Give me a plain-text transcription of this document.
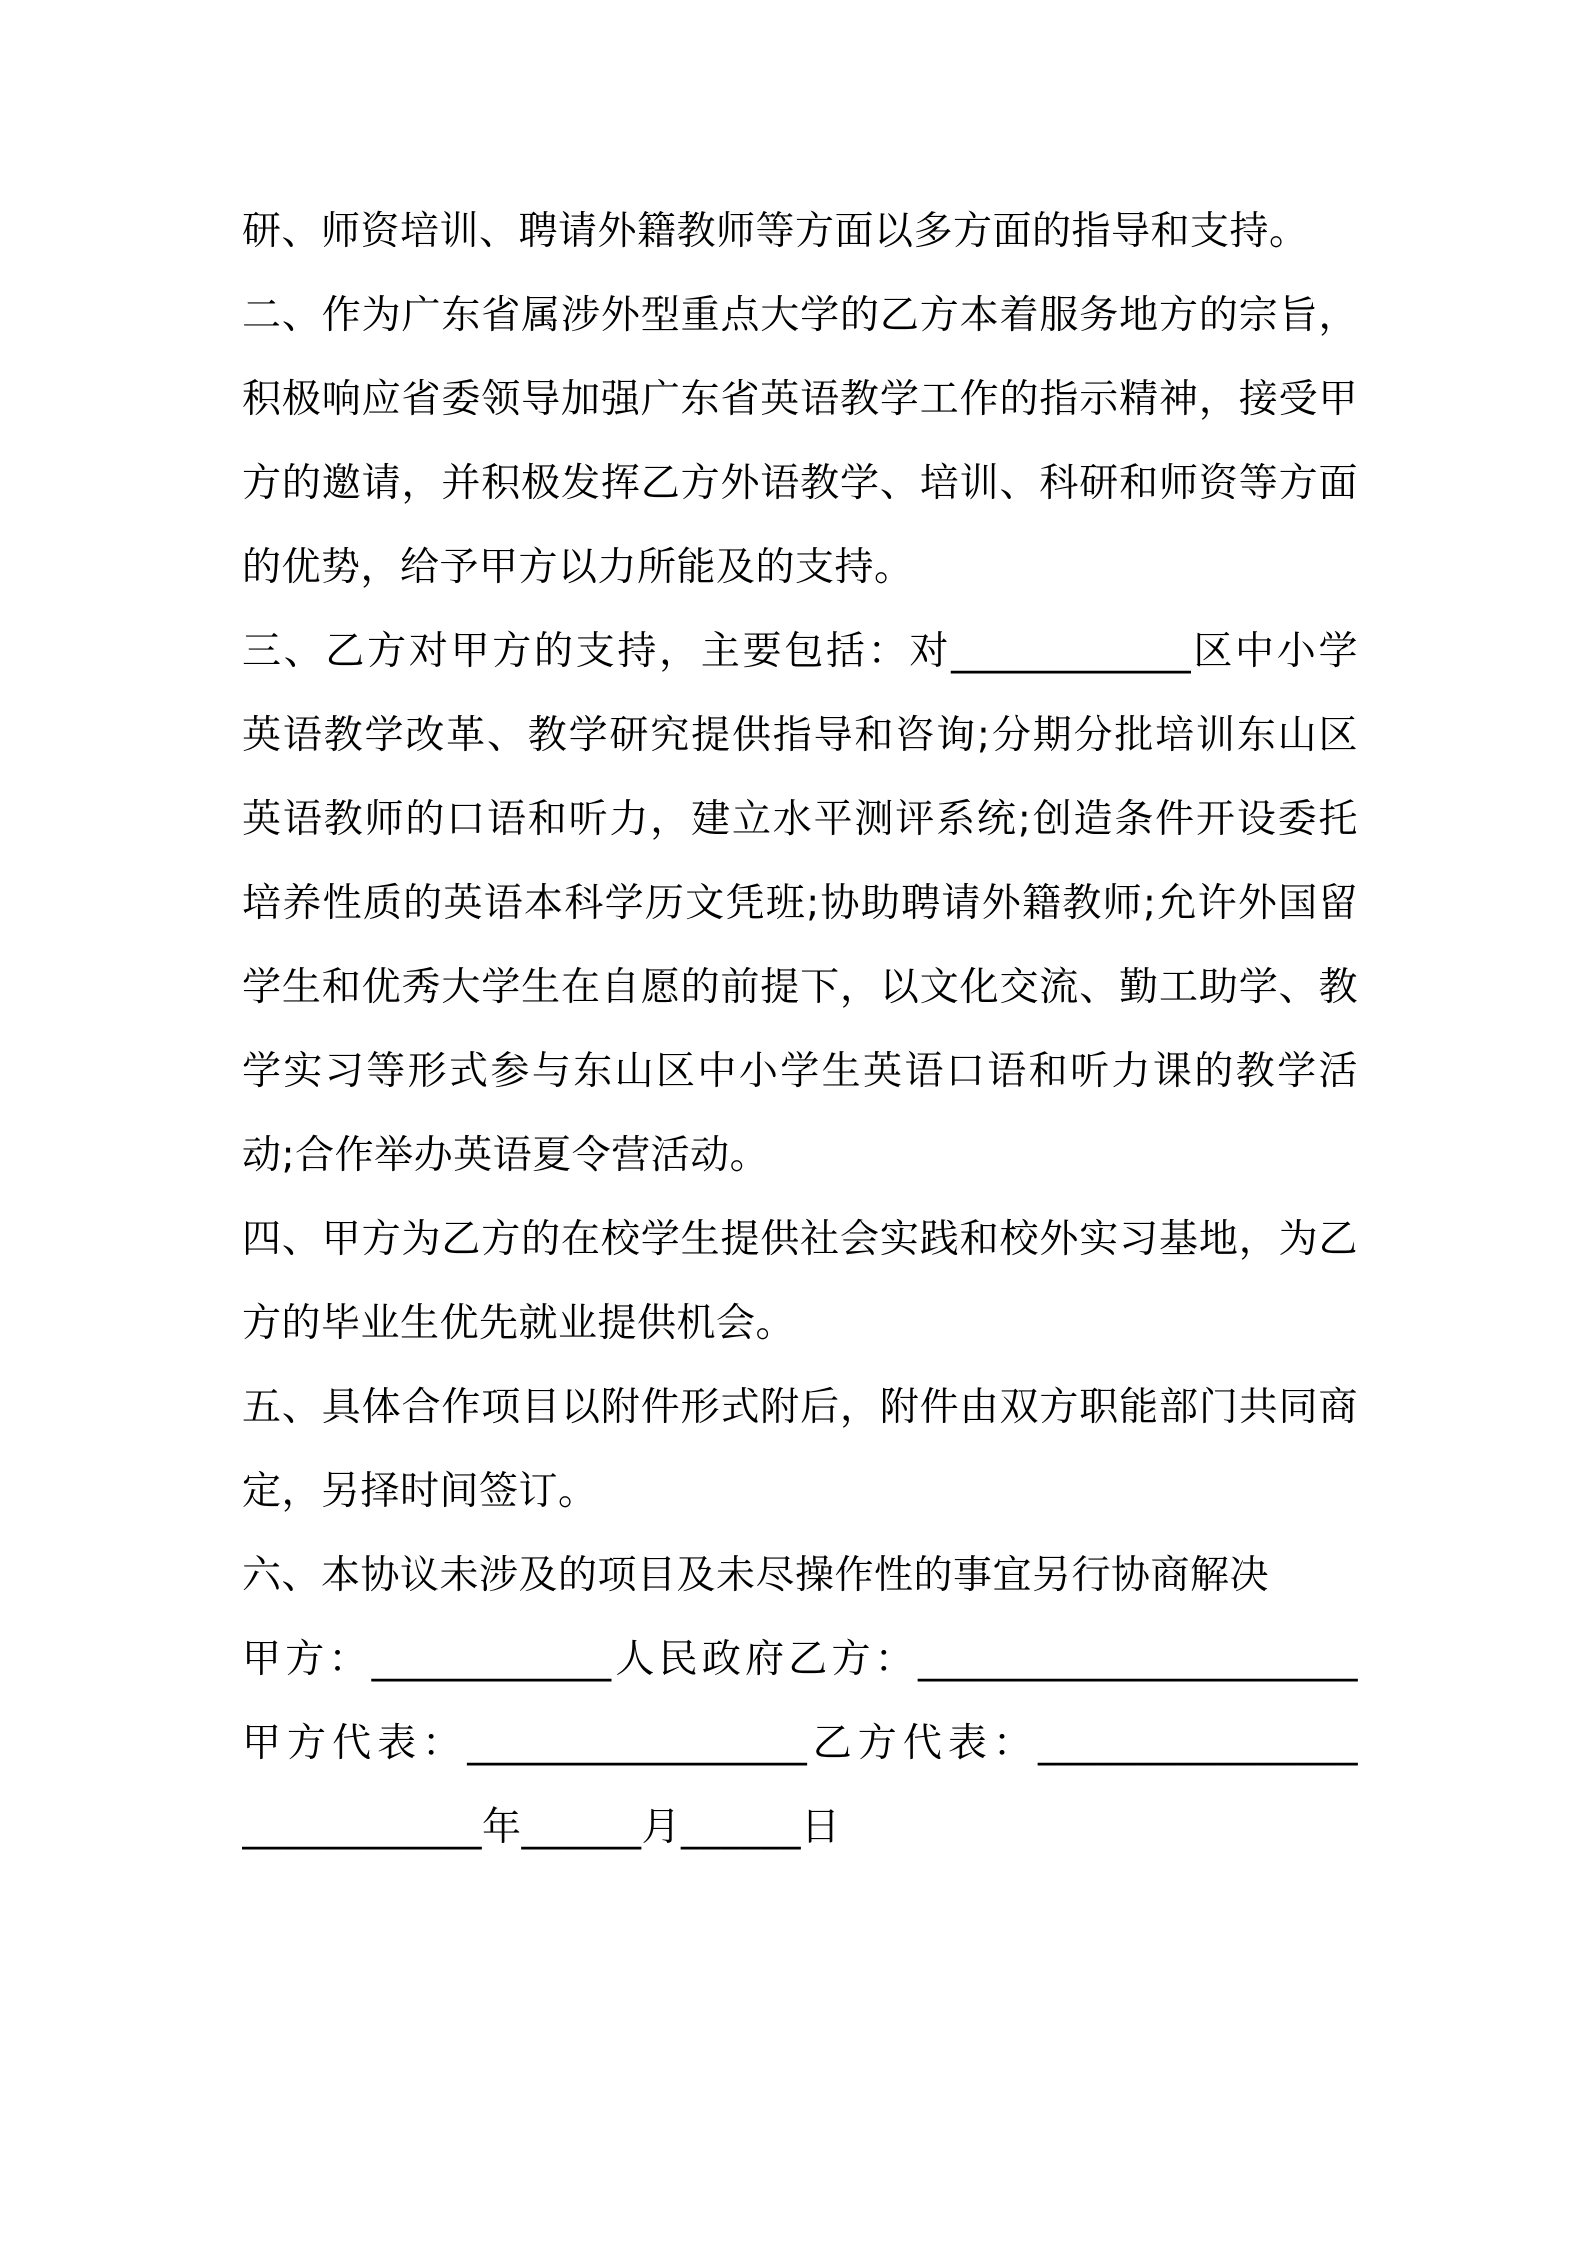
研、师资培训、聘请外籍教师等方面以多方面的指导和支持。
二、作为广东省属涉外型重点大学的乙方本着服务地方的宗旨，
积极响应省委领导加强广东省英语教学工作的指示精神，接受甲
方的邀请，并积极发挥乙方外语教学、培训、科研和师资等方面
的优势，给予甲方以力所能及的支持。
三、乙方对甲方的支持，主要包括：对____________区中小学
英语教学改革、教学研究提供指导和咨询;分期分批培训东山区
英语教师的口语和听力，建立水平测评系统;创造条件开设委托
培养性质的英语本科学历文凭班;协助聘请外籍教师;允许外国留
学生和优秀大学生在自愿的前提下，以文化交流、勤工助学、教
学实习等形式参与东山区中小学生英语口语和听力课的教学活
动;合作举办英语夏令营活动。
四、甲方为乙方的在校学生提供社会实践和校外实习基地，为乙
方的毕业生优先就业提供机会。
五、具体合作项目以附件形式附后，附件由双方职能部门共同商
定，另择时间签订。
六、本协议未涉及的项目及未尽操作性的事宜另行协商解决
甲方：____________人民政府乙方：______________________
甲方代表：_________________乙方代表：________________
____________年______月______日
